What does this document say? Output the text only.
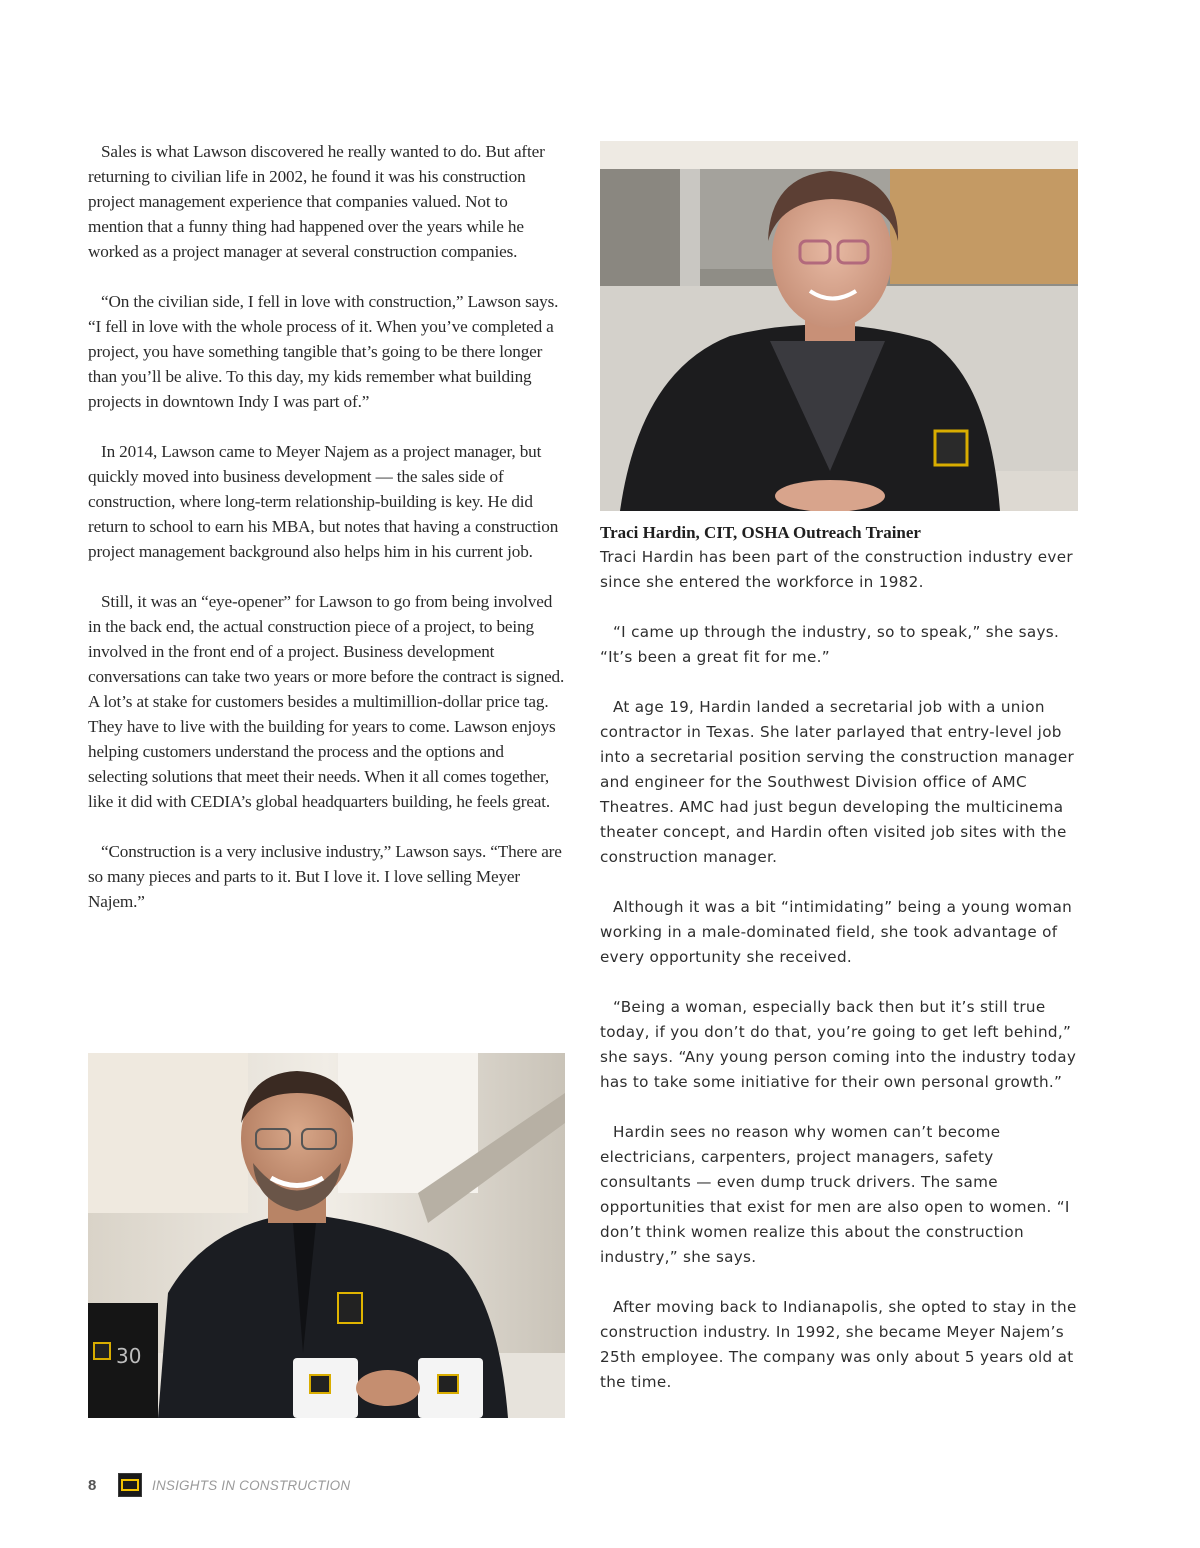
Sales is what Lawson discovered he really wanted to do. But after returning to civilian life in 2002, he found it was his construction project management experience that companies valued. Not to mention that a funny thing had happened over the years while he worked as a project manager at several construction companies.

“On the civilian side, I fell in love with construction,” Lawson says. “I fell in love with the whole process of it. When you’ve completed a project, you have something tangible that’s going to be there longer than you’ll be alive. To this day, my kids remember what building projects in downtown Indy I was part of.”

In 2014, Lawson came to Meyer Najem as a project manager, but quickly moved into business development — the sales side of construction, where long-term relationship-building is key. He did return to school to earn his MBA, but notes that having a construction project management background also helps him in his current job.

Still, it was an “eye-opener” for Lawson to go from being involved in the back end, the actual construction piece of a project, to being involved in the front end of a project. Business development conversations can take two years or more before the contract is signed. A lot’s at stake for customers besides a multimillion-dollar price tag. They have to live with the building for years to come. Lawson enjoys helping customers understand the process and the options and selecting solutions that meet their needs. When it all comes together, like it did with CEDIA’s global headquarters building, he feels great.

“Construction is a very inclusive industry,” Lawson says. “There are so many pieces and parts to it. But I love it. I love selling Meyer Najem.”

30

Traci Hardin, CIT, OSHA Outreach Trainer

Traci Hardin has been part of the construction industry ever since she entered the workforce in 1982.

“I came up through the industry, so to speak,” she says. “It’s been a great fit for me.”

At age 19, Hardin landed a secretarial job with a union contractor in Texas. She later parlayed that entry-level job into a secretarial position serving the construction manager and engineer for the Southwest Division office of AMC Theatres. AMC had just begun developing the multicinema theater concept, and Hardin often visited job sites with the construction manager.

Although it was a bit “intimidating” being a young woman working in a male-dominated field, she took advantage of every opportunity she received.

“Being a woman, especially back then but it’s still true today, if you don’t do that, you’re going to get left behind,” she says. “Any young person coming into the industry today has to take some initiative for their own personal growth.”

Hardin sees no reason why women can’t become electricians, carpenters, project managers, safety consultants — even dump truck drivers. The same opportunities that exist for men are also open to women. “I don’t think women realize this about the construction industry,” she says.

After moving back to Indianapolis, she opted to stay in the construction industry. In 1992, she became Meyer Najem’s 25th employee. The company was only about 5 years old at the time.

8	INSIGHTS IN CONSTRUCTION
